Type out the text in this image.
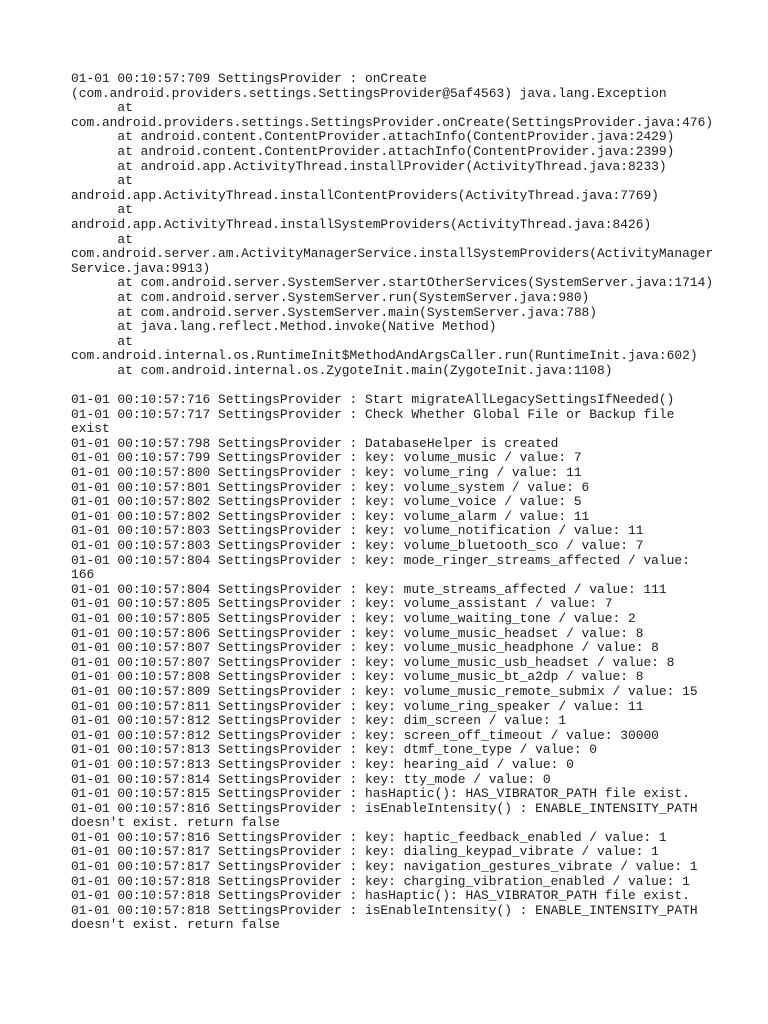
01-01 00:10:57:709 SettingsProvider : onCreate
(com.android.providers.settings.SettingsProvider@5af4563) java.lang.Exception
at
com.android.providers.settings.SettingsProvider.onCreate(SettingsProvider.java:476)
at android.content.ContentProvider.attachInfo(ContentProvider.java:2429)
at android.content.ContentProvider.attachInfo(ContentProvider.java:2399)
at android.app.ActivityThread.installProvider(ActivityThread.java:8233)
at
android.app.ActivityThread.installContentProviders(ActivityThread.java:7769)
at
android.app.ActivityThread.installSystemProviders(ActivityThread.java:8426)
at
com.android.server.am.ActivityManagerService.installSystemProviders(ActivityManager
Service.java:9913)
at com.android.server.SystemServer.startOtherServices(SystemServer.java:1714)
at com.android.server.SystemServer.run(SystemServer.java:980)
at com.android.server.SystemServer.main(SystemServer.java:788)
at java.lang.reflect.Method.invoke(Native Method)
at
com.android.internal.os.RuntimeInit$MethodAndArgsCaller.run(RuntimeInit.java:602)
at com.android.internal.os.ZygoteInit.main(ZygoteInit.java:1108)
01-01 00:10:57:716 SettingsProvider : Start migrateAllLegacySettingsIfNeeded()
01-01 00:10:57:717 SettingsProvider : Check Whether Global File or Backup file
exist
01-01 00:10:57:798 SettingsProvider : DatabaseHelper is created
01-01 00:10:57:799 SettingsProvider : key: volume_music / value: 7
01-01 00:10:57:800 SettingsProvider : key: volume_ring / value: 11
01-01 00:10:57:801 SettingsProvider : key: volume_system / value: 6
01-01 00:10:57:802 SettingsProvider : key: volume_voice / value: 5
01-01 00:10:57:802 SettingsProvider : key: volume_alarm / value: 11
01-01 00:10:57:803 SettingsProvider : key: volume_notification / value: 11
01-01 00:10:57:803 SettingsProvider : key: volume_bluetooth_sco / value: 7
01-01 00:10:57:804 SettingsProvider : key: mode_ringer_streams_affected / value:
166
01-01 00:10:57:804 SettingsProvider : key: mute_streams_affected / value: 111
01-01 00:10:57:805 SettingsProvider : key: volume_assistant / value: 7
01-01 00:10:57:805 SettingsProvider : key: volume_waiting_tone / value: 2
01-01 00:10:57:806 SettingsProvider : key: volume_music_headset / value: 8
01-01 00:10:57:807 SettingsProvider : key: volume_music_headphone / value: 8
01-01 00:10:57:807 SettingsProvider : key: volume_music_usb_headset / value: 8
01-01 00:10:57:808 SettingsProvider : key: volume_music_bt_a2dp / value: 8
01-01 00:10:57:809 SettingsProvider : key: volume_music_remote_submix / value: 15
01-01 00:10:57:811 SettingsProvider : key: volume_ring_speaker / value: 11
01-01 00:10:57:812 SettingsProvider : key: dim_screen / value: 1
01-01 00:10:57:812 SettingsProvider : key: screen_off_timeout / value: 30000
01-01 00:10:57:813 SettingsProvider : key: dtmf_tone_type / value: 0
01-01 00:10:57:813 SettingsProvider : key: hearing_aid / value: 0
01-01 00:10:57:814 SettingsProvider : key: tty_mode / value: 0
01-01 00:10:57:815 SettingsProvider : hasHaptic(): HAS_VIBRATOR_PATH file exist.
01-01 00:10:57:816 SettingsProvider : isEnableIntensity() : ENABLE_INTENSITY_PATH
doesn't exist. return false
01-01 00:10:57:816 SettingsProvider : key: haptic_feedback_enabled / value: 1
01-01 00:10:57:817 SettingsProvider : key: dialing_keypad_vibrate / value: 1
01-01 00:10:57:817 SettingsProvider : key: navigation_gestures_vibrate / value: 1
01-01 00:10:57:818 SettingsProvider : key: charging_vibration_enabled / value: 1
01-01 00:10:57:818 SettingsProvider : hasHaptic(): HAS_VIBRATOR_PATH file exist.
01-01 00:10:57:818 SettingsProvider : isEnableIntensity() : ENABLE_INTENSITY_PATH
doesn't exist. return false
